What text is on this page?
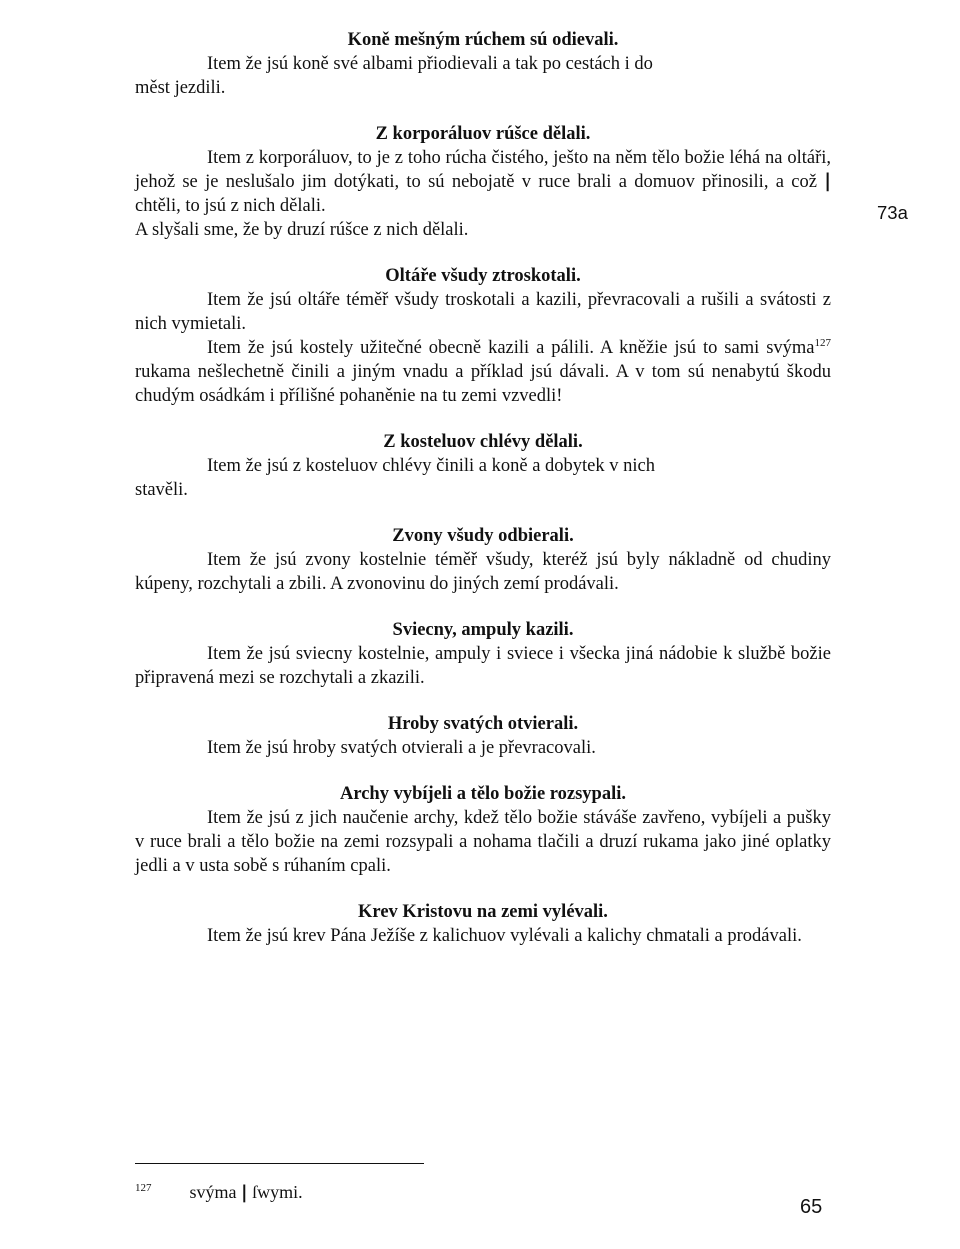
Koně mešným rúchem sú odievali.

Item že jsú koně své albami přiodievali a tak po cestách i do
měst jezdili.

Z korporáluov rúšce dělali.

Item z korporáluov, to je z toho rúcha čistého, ješto na něm tělo božie léhá na oltáři, jehož se je neslušalo jim dotýkati, to sú nebojatě v ruce brali a domuov přinosili, a což | chtěli, to jsú z nich dělali.
A slyšali sme, že by druzí rúšce z nich dělali.

Oltáře všudy ztroskotali.

Item že jsú oltáře téměř všudy troskotali a kazili, převracovali a rušili a svátosti z nich vymietali.

Item že jsú kostely užitečné obecně kazili a pálili. A kněžie jsú to sami svýma$^{127}$ rukama nešlechetně činili a jiným vnadu a příklad jsú dávali. A v tom sú nenabytú škodu chudým osádkám i přílišné pohaněnie na tu zemi vzvedli!

Z kosteluov chlévy dělali.

Item že jsú z kosteluov chlévy činili a koně a dobytek v nich
stavěli.

Zvony všudy odbierali.

Item že jsú zvony kostelnie téměř všudy, kteréž jsú byly nákladně od chudiny kúpeny, rozchytali a zbili. A zvonovinu do jiných zemí prodávali.

Sviecny, ampuly kazili.

Item že jsú sviecny kostelnie, ampuly i sviece i všecka jiná nádobie k službě božie připravená mezi se rozchytali a zkazili.

Hroby svatých otvierali.

Item že jsú hroby svatých otvierali a je převracovali.

Archy vybíjeli a tělo božie rozsypali.

Item že jsú z jich naučenie archy, kdež tělo božie stáváše zavřeno, vybíjeli a pušky v ruce brali a tělo božie na zemi rozsypali a nohama tlačili a druzí rukama jako jiné oplatky jedli a v usta sobě s rúhaním cpali.

Krev Kristovu na zemi vylévali.

Item že jsú krev Pána Ježíše z kalichuov vylévali a kalichy chmatali a prodávali.

73a
$^{127}$ svýma | ſwymi.
65
